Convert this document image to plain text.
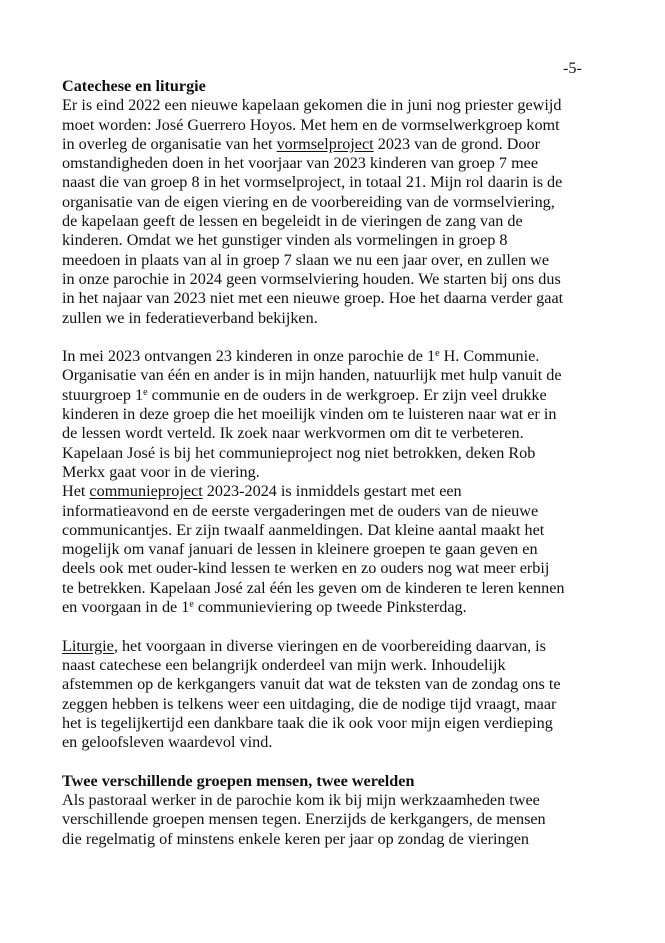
-5-
Catechese en liturgie
Er is eind 2022 een nieuwe kapelaan gekomen die in juni nog priester gewijd
moet worden: José Guerrero Hoyos. Met hem en de vormselwerkgroep komt
in overleg de organisatie van het vormselproject 2023 van de grond. Door
omstandigheden doen in het voorjaar van 2023 kinderen van groep 7 mee
naast die van groep 8 in het vormselproject, in totaal 21. Mijn rol daarin is de
organisatie van de eigen viering en de voorbereiding van de vormselviering,
de kapelaan geeft de lessen en begeleidt in de vieringen de zang van de
kinderen. Omdat we het gunstiger vinden als vormelingen in groep 8
meedoen in plaats van al in groep 7 slaan we nu een jaar over, en zullen we
in onze parochie in 2024 geen vormselviering houden. We starten bij ons dus
in het najaar van 2023 niet met een nieuwe groep. Hoe het daarna verder gaat
zullen we in federatieverband bekijken.
In mei 2023 ontvangen 23 kinderen in onze parochie de 1e H. Communie.
Organisatie van één en ander is in mijn handen, natuurlijk met hulp vanuit de
stuurgroep 1e communie en de ouders in de werkgroep. Er zijn veel drukke
kinderen in deze groep die het moeilijk vinden om te luisteren naar wat er in
de lessen wordt verteld. Ik zoek naar werkvormen om dit te verbeteren.
Kapelaan José is bij het communieproject nog niet betrokken, deken Rob
Merkx gaat voor in de viering.
Het communieproject 2023-2024 is inmiddels gestart met een
informatieavond en de eerste vergaderingen met de ouders van de nieuwe
communicantjes. Er zijn twaalf aanmeldingen. Dat kleine aantal maakt het
mogelijk om vanaf januari de lessen in kleinere groepen te gaan geven en
deels ook met ouder-kind lessen te werken en zo ouders nog wat meer erbij
te betrekken. Kapelaan José zal één les geven om de kinderen te leren kennen
en voorgaan in de 1e communieviering op tweede Pinksterdag.
Liturgie, het voorgaan in diverse vieringen en de voorbereiding daarvan, is
naast catechese een belangrijk onderdeel van mijn werk. Inhoudelijk
afstemmen op de kerkgangers vanuit dat wat de teksten van de zondag ons te
zeggen hebben is telkens weer een uitdaging, die de nodige tijd vraagt, maar
het is tegelijkertijd een dankbare taak die ik ook voor mijn eigen verdieping
en geloofsleven waardevol vind.
Twee verschillende groepen mensen, twee werelden
Als pastoraal werker in de parochie kom ik bij mijn werkzaamheden twee
verschillende groepen mensen tegen. Enerzijds de kerkgangers, de mensen
die regelmatig of minstens enkele keren per jaar op zondag de vieringen
